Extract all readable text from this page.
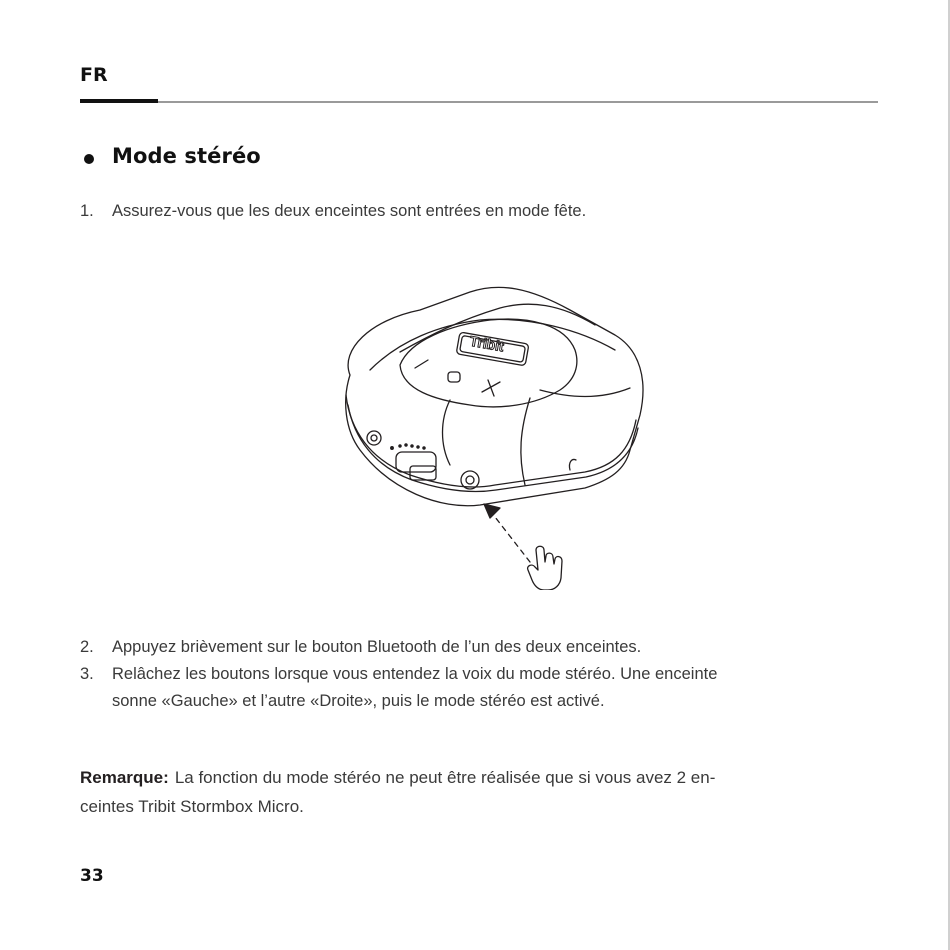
FR
Mode stéréo
1. Assurez-vous que les deux enceintes sont entrées en mode fête.
Tribit
2. Appuyez brièvement sur le bouton Bluetooth de l’un des deux enceintes.
3. Relâchez les boutons lorsque vous entendez la voix du mode stéréo. Une enceinte
sonne «Gauche» et l’autre «Droite», puis le mode stéréo est activé.
Remarque: La fonction du mode stéréo ne peut être réalisée que si vous avez 2 en-
ceintes Tribit Stormbox Micro.
33
